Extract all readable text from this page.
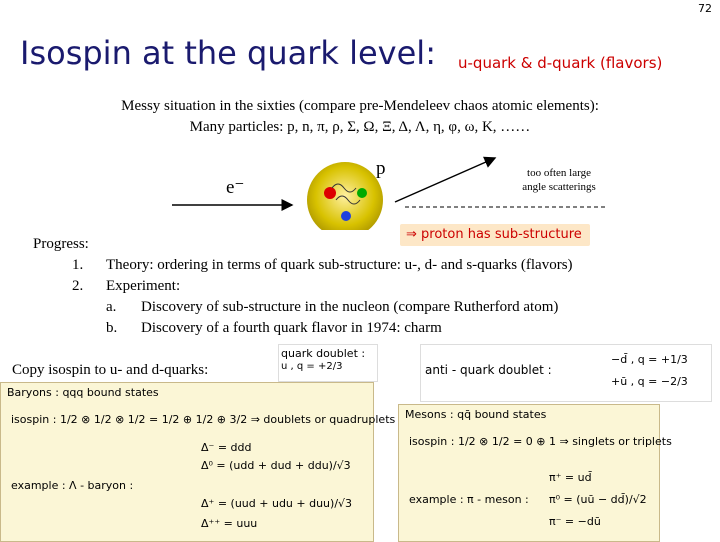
72
Isospin at the quark level: u-quark & d-quark (flavors)
Messy situation in the sixties (compare pre-Mendeleev chaos atomic elements):
Many particles: p, n, π, ρ, Σ, Ω, Ξ, Δ, Λ, η, φ, ω, K, ……
e⁻
p	too often large
angle scatterings
⇒ proton has sub-structure
Progress:
1. Theory: ordering in terms of quark sub-structure: u-, d- and s-quarks (flavors)
2. Experiment:
a. Discovery of sub-structure in the nucleon (compare Rutherford atom)
b. Discovery of a fourth quark flavor in 1974: charm
Copy isospin to u- and d-quarks:
quark doublet :
u , q = +2/3	anti - quark doublet :
−d̄ , q = +1/3
+ū , q = −2/3
Baryons : qqq bound states
isospin : 1/2 ⊗ 1/2 ⊗ 1/2 = 1/2 ⊕ 1/2 ⊕ 3/2 ⇒ doublets or quadruplets
Δ⁻ = ddd
Δ⁰ = (udd + dud + ddu)/√3
example : Λ - baryon :
Δ⁺ = (uud + udu + duu)/√3
Δ⁺⁺ = uuu
Mesons : qq̄ bound states
isospin : 1/2 ⊗ 1/2 = 0 ⊕ 1 ⇒ singlets or triplets
π⁺ = ud̄
example : π - meson : π⁰ = (uū − dd̄)/√2
π⁻ = −dū
